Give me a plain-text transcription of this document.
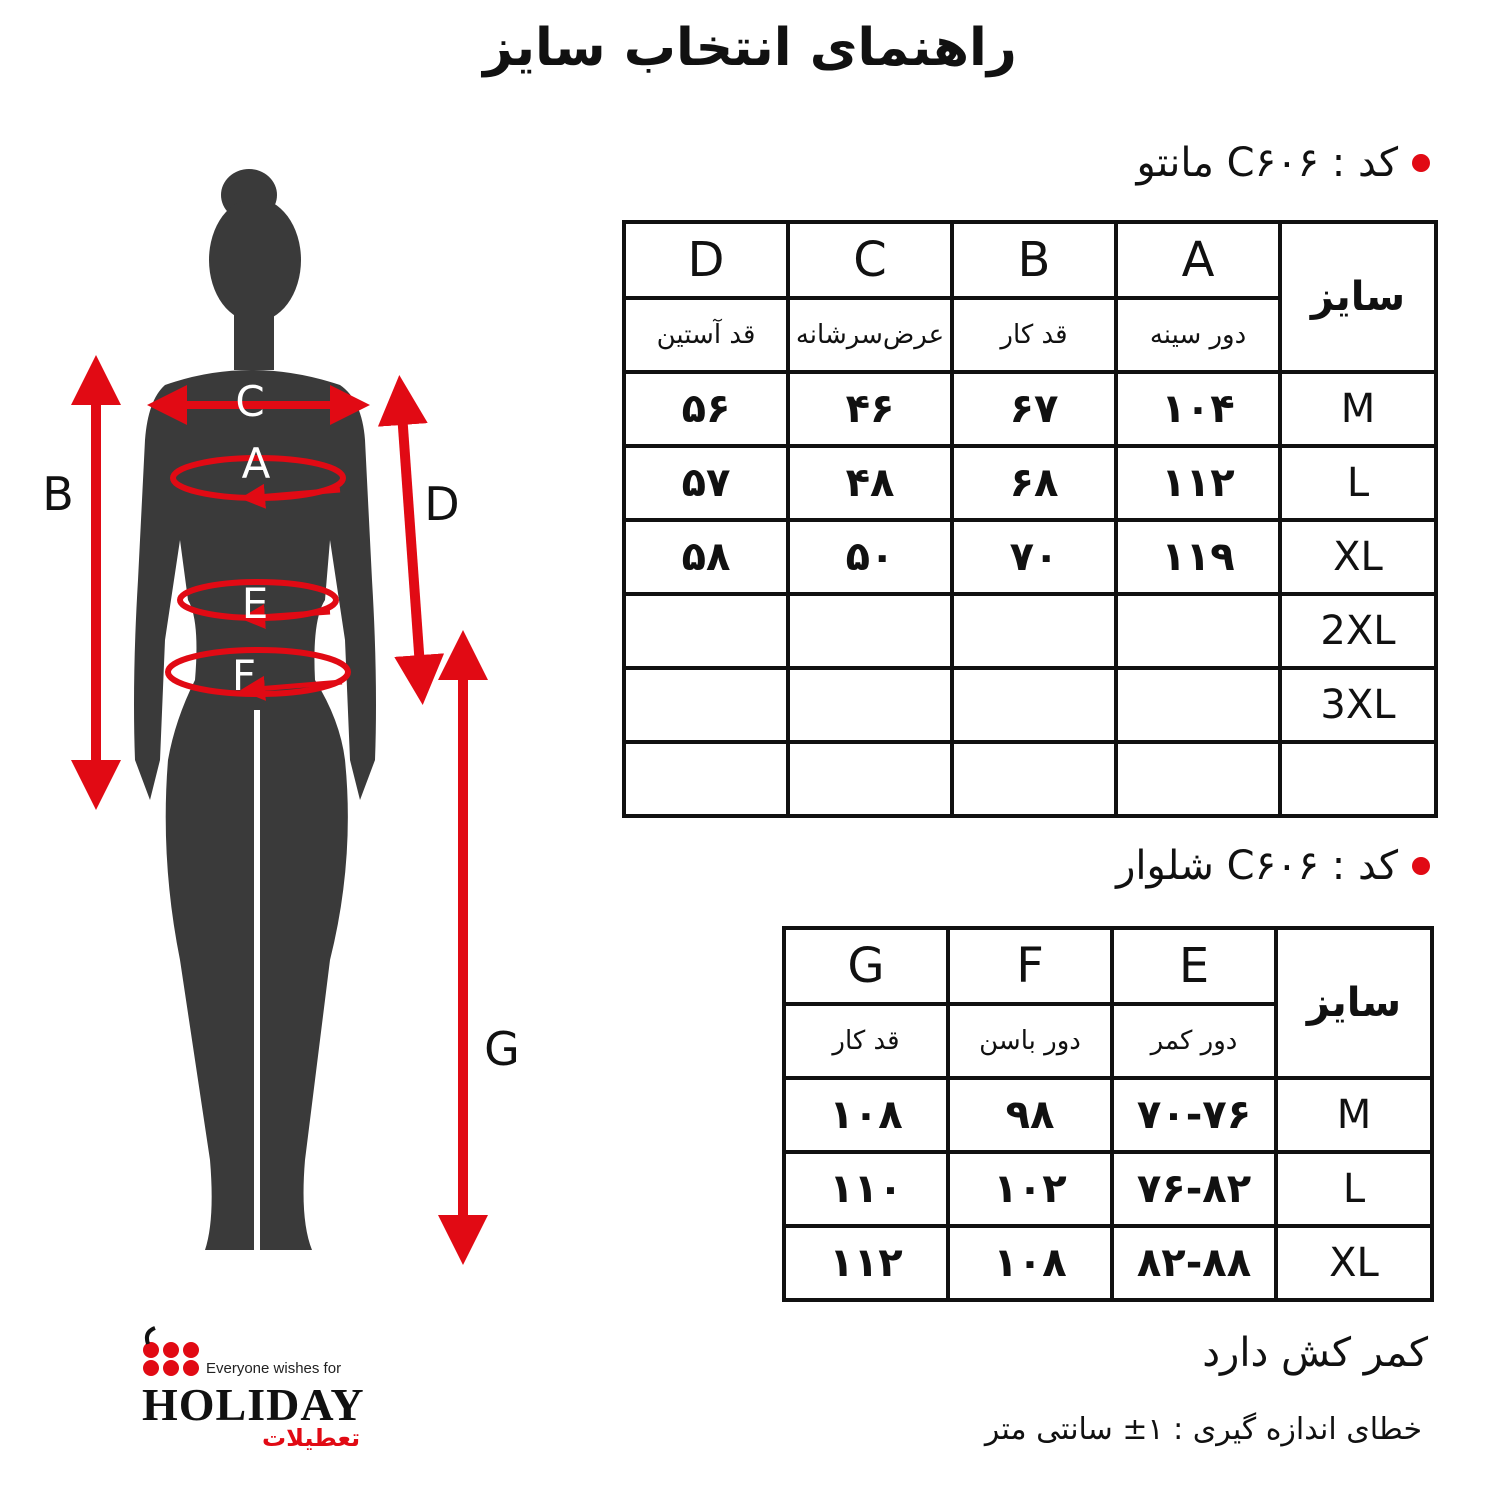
راهنمای انتخاب سایز
کد : C۶۰۶ مانتو
D	C	B	A	سایز
قد آستین	عرض‌سرشانه	قد کار	دور سینه	
۵۶	۴۶	۶۷	۱۰۴	M
۵۷	۴۸	۶۸	۱۱۲	L
۵۸	۵۰	۷۰	۱۱۹	XL
				2XL
				3XL

کد : C۶۰۶ شلوار
G	F	E	سایز
قد کار	دور باسن	دور کمر	
۱۰۸	۹۸	۷۰-۷۶	M
۱۱۰	۱۰۲	۷۶-۸۲	L
۱۱۲	۱۰۸	۸۲-۸۸	XL
کمر کش دارد
خطای اندازه گیری : ۱± سانتی متر
C
A
E
F
B	D
G
Everyone wishes for
HOLIDAY
تعطیلات
